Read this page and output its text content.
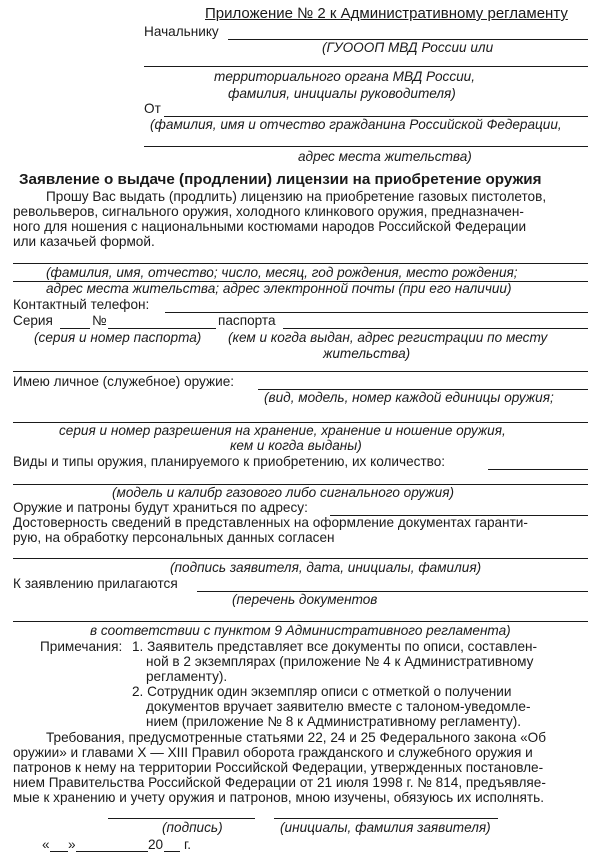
Приложение № 2 к Административному регламенту
Начальнику
(ГУОООП МВД России или
территориального органа МВД России,
фамилия, инициалы руководителя)
От
(фамилия, имя и отчество гражданина Российской Федерации,
адрес места жительства)
Заявление о выдаче (продлении) лицензии на приобретение оружия
Прошу Вас выдать (продлить) лицензию на приобретение газовых пистолетов,
револьверов, сигнального оружия, холодного клинкового оружия, предназначен-
ного для ношения с национальными костюмами народов Российской Федерации
или казачьей формой.
(фамилия, имя, отчество; число, месяц, год рождения, место рождения;
адрес места жительства; адрес электронной почты (при его наличии)
Контактный телефон:
Серия	№	паспорта
(серия и номер паспорта) (кем и когда выдан, адрес регистрации по месту
жительства)
Имею личное (служебное) оружие:
(вид, модель, номер каждой единицы оружия;
серия и номер разрешения на хранение, хранение и ношение оружия,
кем и когда выданы)
Виды и типы оружия, планируемого к приобретению, их количество:
(модель и калибр газового либо сигнального оружия)
Оружие и патроны будут храниться по адресу:
Достоверность сведений в представленных на оформление документах гаранти-
рую, на обработку персональных данных согласен
(подпись заявителя, дата, инициалы, фамилия)
К заявлению прилагаются
(перечень документов
в соответствии с пунктом 9 Административного регламента)
Примечания: 1. Заявитель представляет все документы по описи, составлен-
ной в 2 экземплярах (приложение № 4 к Административному
регламенту).
2. Сотрудник один экземпляр описи с отметкой о получении
документов вручает заявителю вместе с талоном-уведомле-
нием (приложение № 8 к Административному регламенту).
Требования, предусмотренные статьями 22, 24 и 25 Федерального закона «Об
оружии» и главами X — XIII Правил оборота гражданского и служебного оружия и
патронов к нему на территории Российской Федерации, утвержденных постановле-
нием Правительства Российской Федерации от 21 июля 1998 г. № 814, предъявляе-
мые к хранению и учету оружия и патронов, мною изучены, обязуюсь их исполнять.
(подпись)	(инициалы, фамилия заявителя)
« »	20 г.
